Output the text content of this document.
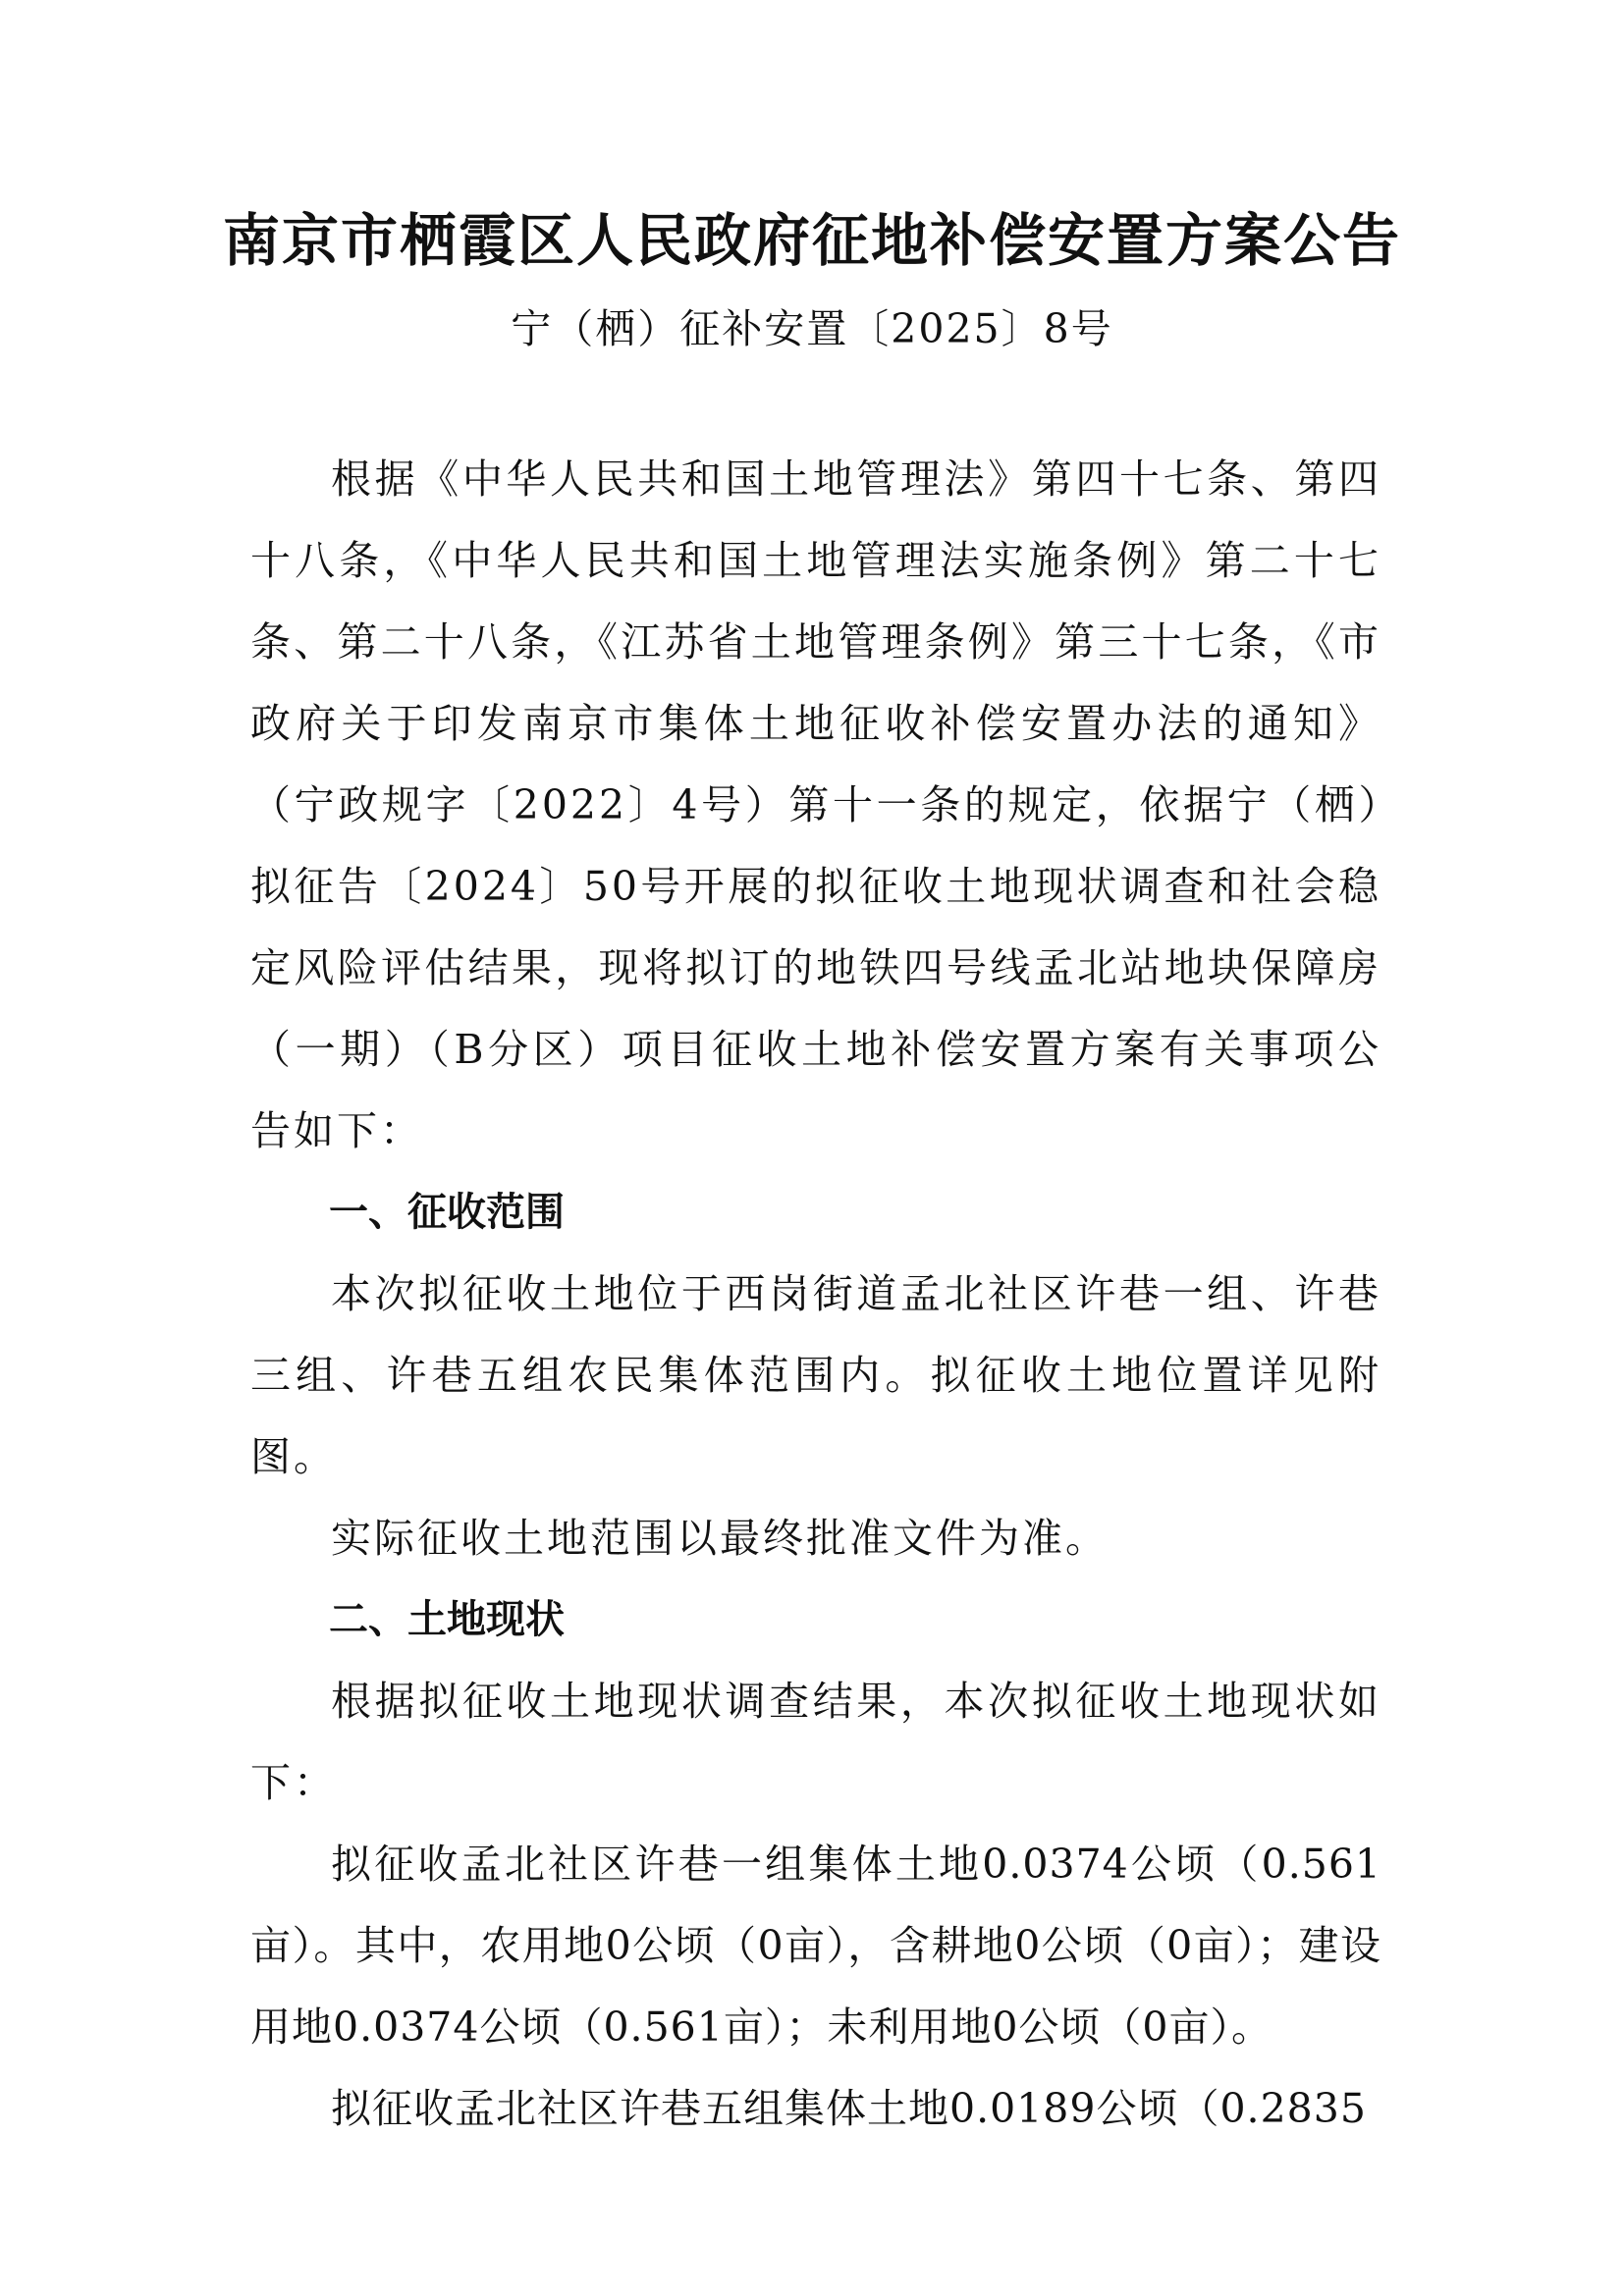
南京市栖霞区人民政府征地补偿安置方案公告
宁（栖）征补安置〔2025〕8号

根据《中华人民共和国土地管理法》第四十七条、第四十八条，《中华人民共和国土地管理法实施条例》第二十七条、第二十八条，《江苏省土地管理条例》第三十七条，《市政府关于印发南京市集体土地征收补偿安置办法的通知》（宁政规字〔2022〕4号）第十一条的规定，依据宁（栖）拟征告〔2024〕50号开展的拟征收土地现状调查和社会稳定风险评估结果，现将拟订的地铁四号线孟北站地块保障房（一期）（B分区）项目征收土地补偿安置方案有关事项公告如下：

一、征收范围

本次拟征收土地位于西岗街道孟北社区许巷一组、许巷三组、许巷五组农民集体范围内。拟征收土地位置详见附图。

实际征收土地范围以最终批准文件为准。

二、土地现状

根据拟征收土地现状调查结果，本次拟征收土地现状如下：

拟征收孟北社区许巷一组集体土地0.0374公顷（0.561亩）。其中，农用地0公顷（0亩），含耕地0公顷（0亩）；建设用地0.0374公顷（0.561亩）；未利用地0公顷（0亩）。

拟征收孟北社区许巷五组集体土地0.0189公顷（0.2835
